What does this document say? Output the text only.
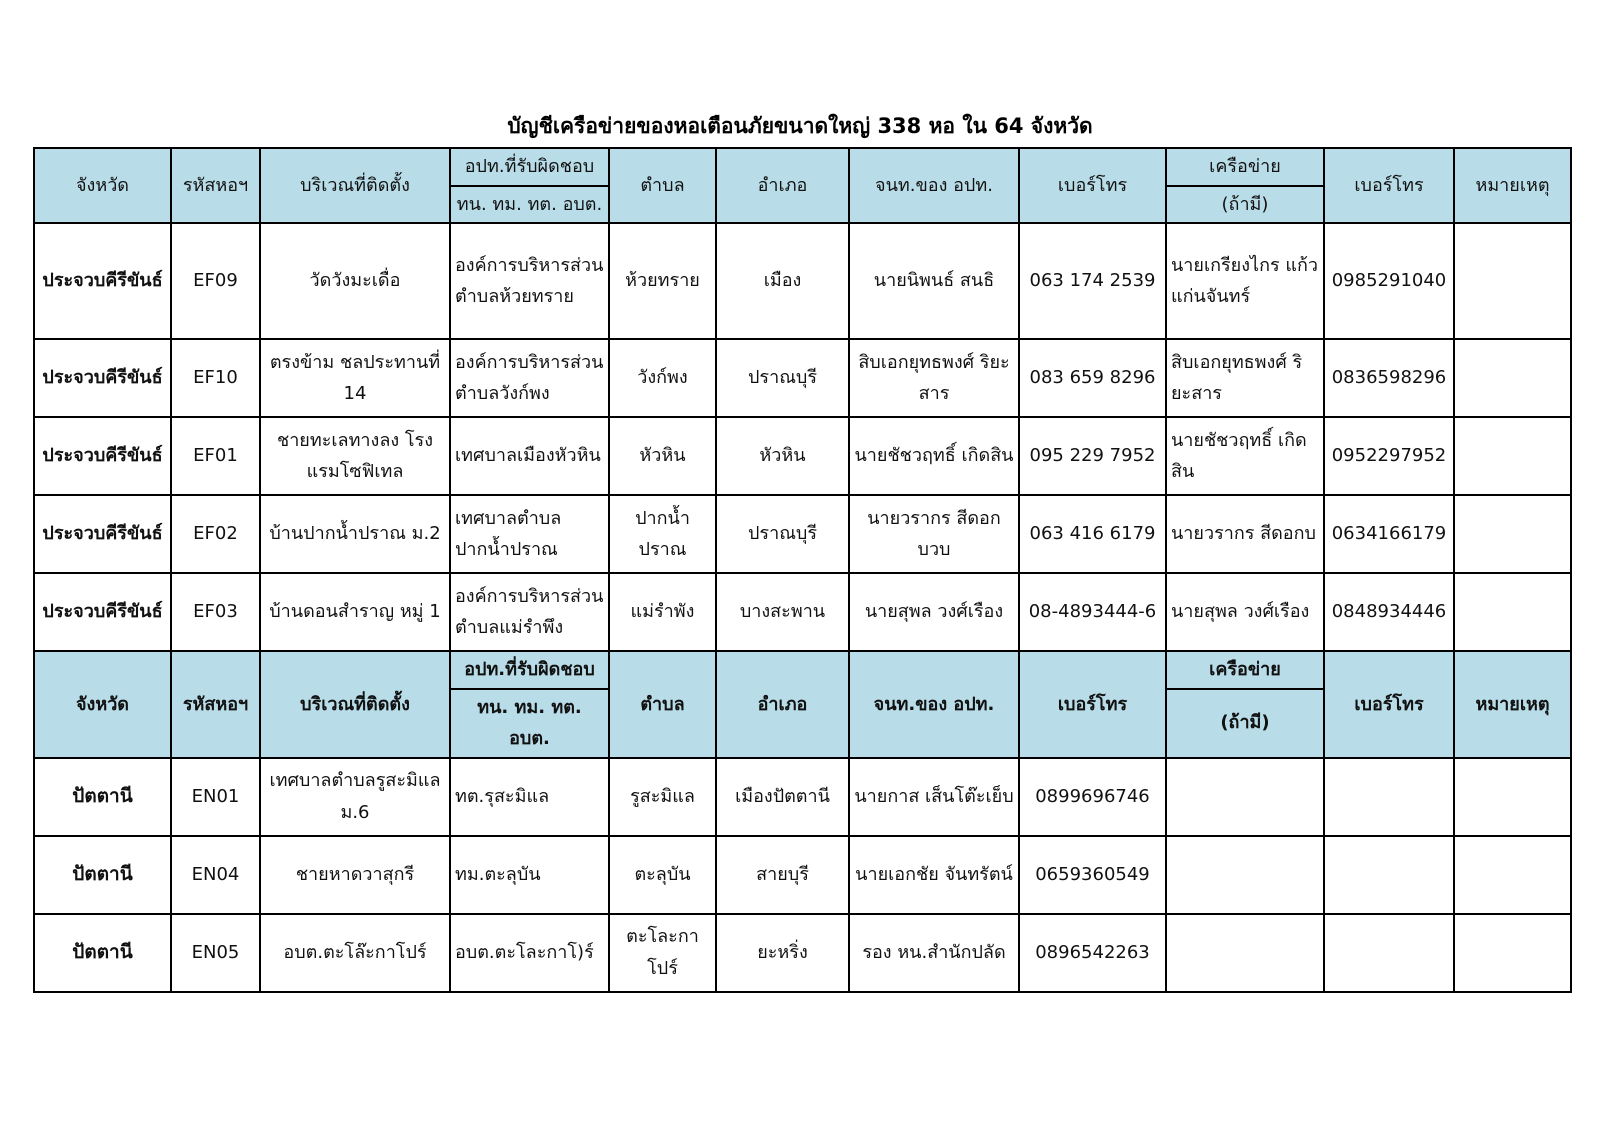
บัญชีเครือข่ายของหอเตือนภัยขนาดใหญ่ 338 หอ ใน 64 จังหวัด
จังหวัด	รหัสหอฯ	บริเวณที่ติดตั้ง	อปท.ที่รับผิดชอบ	ตำบล	อำเภอ	จนท.ของ อปท.	เบอร์โทร	เครือข่าย	เบอร์โทร	หมายเหตุ
			ทน. ทม. ทต. อบต.					(ถ้ามี)		
ประจวบคีรีขันธ์	EF09	วัดวังมะเดื่อ	องค์การบริหารส่วนตำบลห้วยทราย	ห้วยทราย	เมือง	นายนิพนธ์ สนธิ	063 174 2539	นายเกรียงไกร แก้วแก่นจันทร์	0985291040	
ประจวบคีรีขันธ์	EF10	ตรงข้าม ชลประทานที่ 14	องค์การบริหารส่วนตำบลวังก์พง	วังก์พง	ปราณบุรี	สิบเอกยุทธพงศ์ ริยะสาร	083 659 8296	สิบเอกยุทธพงศ์ ริยะสาร	0836598296	
ประจวบคีรีขันธ์	EF01	ชายทะเลทางลง โรงแรมโซฟิเทล	เทศบาลเมืองหัวหิน	หัวหิน	หัวหิน	นายชัชวฤทธิ์ เกิดสิน	095 229 7952	นายชัชวฤทธิ์ เกิดสิน	0952297952	
ประจวบคีรีขันธ์	EF02	บ้านปากน้ำปราณ ม.2	เทศบาลตำบลปากน้ำปราณ	ปากน้ำ ปราณ	ปราณบุรี	นายวรากร สีดอกบวบ	063 416 6179	นายวรากร สีดอกบ	0634166179	
ประจวบคีรีขันธ์	EF03	บ้านดอนสำราญ หมู่ 1	องค์การบริหารส่วนตำบลแม่รำพึง	แม่รำพัง	บางสะพาน	นายสุพล วงศ์เรือง	08-4893444-6	นายสุพล วงศ์เรือง	0848934446	
จังหวัด	รหัสหอฯ	บริเวณที่ติดตั้ง	อปท.ที่รับผิดชอบ	ตำบล	อำเภอ	จนท.ของ อปท.	เบอร์โทร	เครือข่าย	เบอร์โทร	หมายเหตุ
			ทน. ทม. ทต. อบต.					(ถ้ามี)		
ปัตตานี	EN01	เทศบาลตำบลรูสะมิแล ม.6	ทต.รุสะมิแล	รูสะมิแล	เมืองปัตตานี	นายกาส เส็นโต๊ะเย็บ	0899696746			
ปัตตานี	EN04	ชายหาดวาสุกรี	ทม.ตะลุบัน	ตะลุบัน	สายบุรี	นายเอกชัย จันทรัตน์	0659360549			
ปัตตานี	EN05	อบต.ตะโล๊ะกาโปร์	อบต.ตะโละกาโ)ร์	ตะโละกา โปร์	ยะหริ่ง	รอง หน.สำนักปลัด	0896542263			
